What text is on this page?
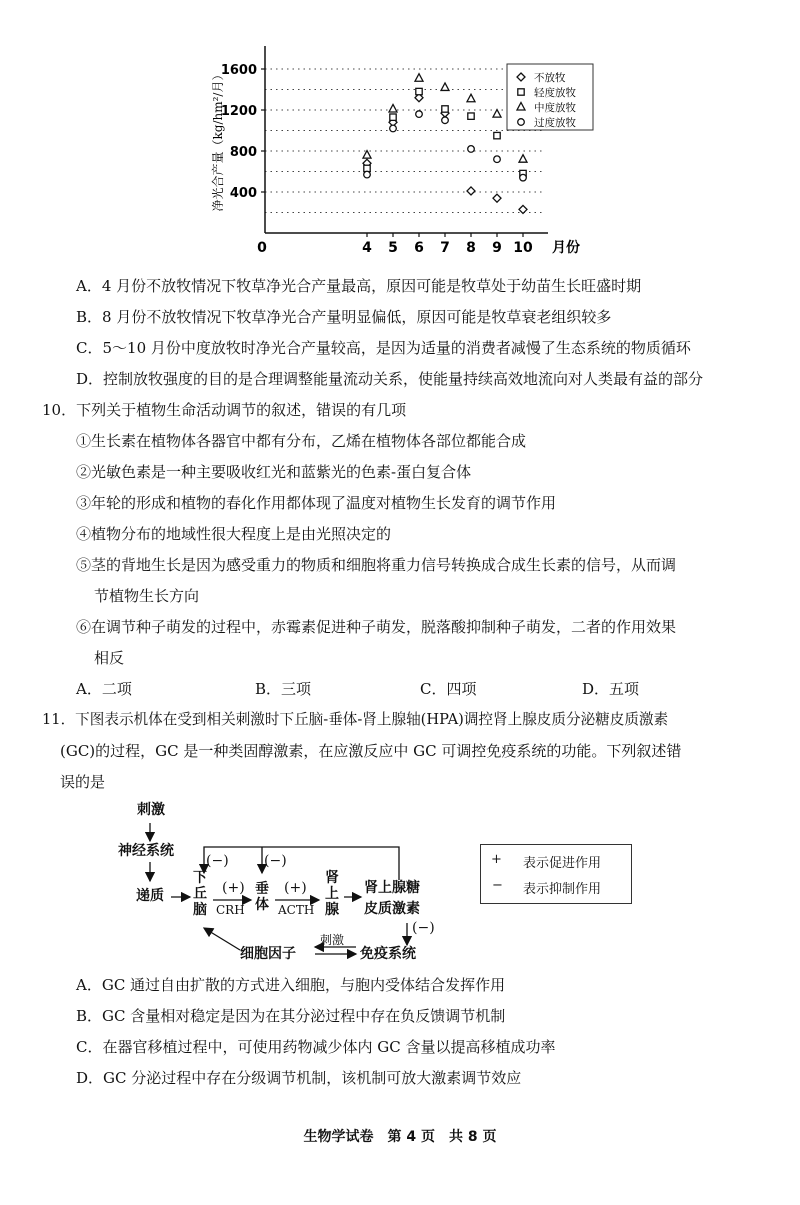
400
800
1200
1600
4 5 6 7 8 9 10
0	月份
净光合产量（kg/hm²/月）	不放牧
轻度放牧
中度放牧
过度放牧
A．4 月份不放牧情况下牧草净光合产量最高，原因可能是牧草处于幼苗生长旺盛时期
B．8 月份不放牧情况下牧草净光合产量明显偏低，原因可能是牧草衰老组织较多
C．5～10 月份中度放牧时净光合产量较高，是因为适量的消费者减慢了生态系统的物质循环
D．控制放牧强度的目的是合理调整能量流动关系，使能量持续高效地流向对人类最有益的部分
10．下列关于植物生命活动调节的叙述，错误的有几项
①生长素在植物体各器官中都有分布，乙烯在植物体各部位都能合成
②光敏色素是一种主要吸收红光和蓝紫光的色素-蛋白复合体
③年轮的形成和植物的春化作用都体现了温度对植物生长发育的调节作用
④植物分布的地域性很大程度上是由光照决定的
⑤茎的背地生长是因为感受重力的物质和细胞将重力信号转换成合成生长素的信号，从而调
节植物生长方向
⑥在调节种子萌发的过程中，赤霉素促进种子萌发，脱落酸抑制种子萌发，二者的作用效果
相反
A．二项	B．三项	C．四项	D．五项
11．下图表示机体在受到相关刺激时下丘脑-垂体-肾上腺轴(HPA)调控肾上腺皮质分泌糖皮质激素
(GC)的过程，GC 是一种类固醇激素，在应激反应中 GC 可调控免疫系统的功能。下列叙述错
误的是
刺激
神经系统
(−)	(−)
递质
下丘脑
(+)
CRH
垂体
(+)
ACTH
肾上腺
肾上腺糖
皮质激素
(−)
刺激
细胞因子	免疫系统
+ 表示促进作用
− 表示抑制作用
A．GC 通过自由扩散的方式进入细胞，与胞内受体结合发挥作用
B．GC 含量相对稳定是因为在其分泌过程中存在负反馈调节机制
C．在器官移植过程中，可使用药物减少体内 GC 含量以提高移植成功率
D．GC 分泌过程中存在分级调节机制，该机制可放大激素调节效应
生物学试卷　第 4 页　共 8 页
